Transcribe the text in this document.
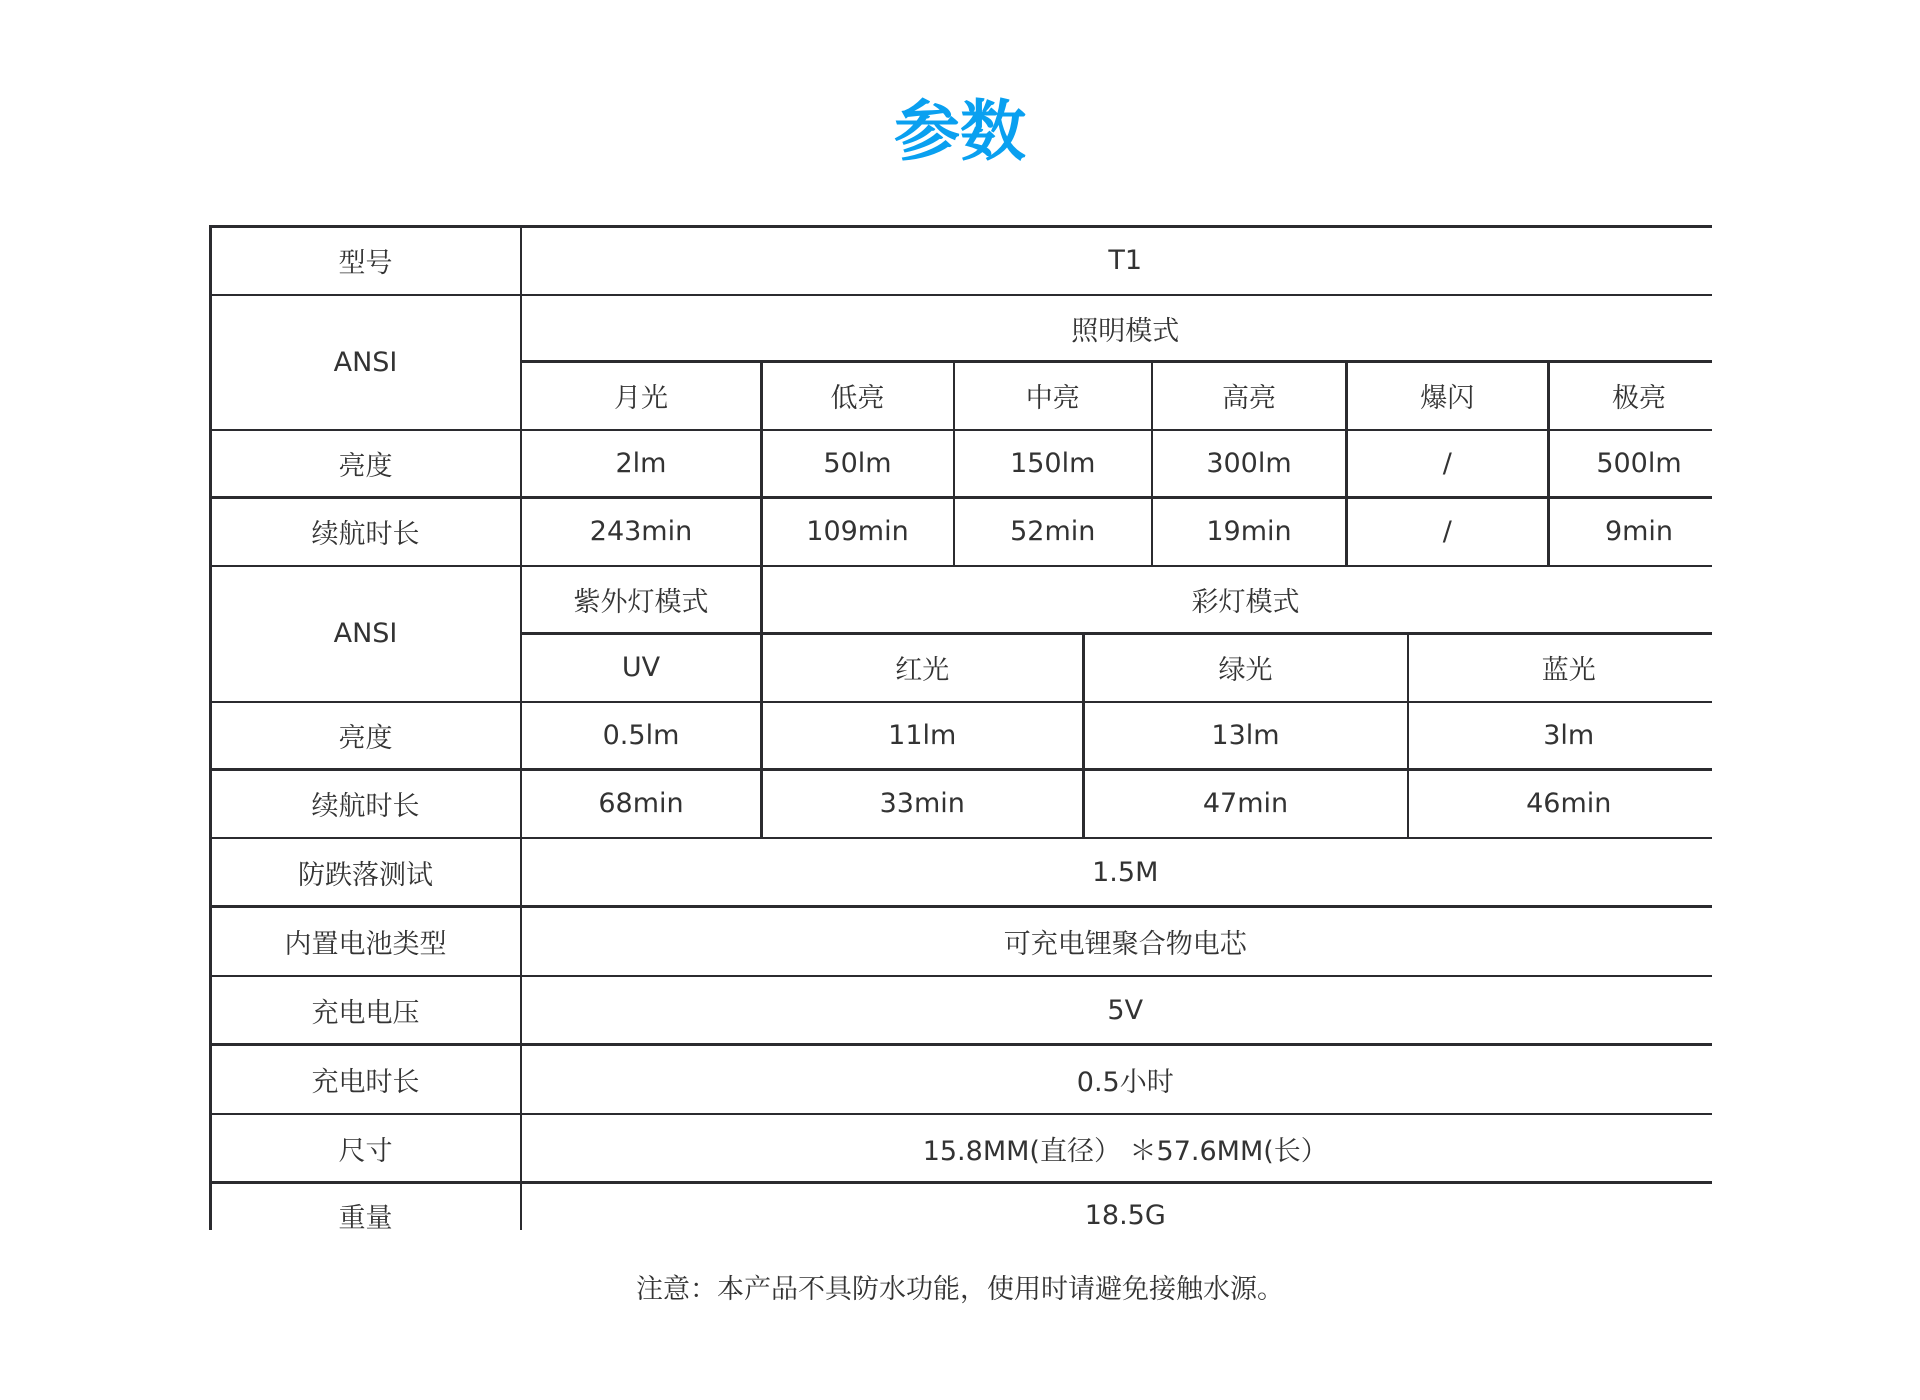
参数
型号	T1
ANSI
照明模式
月光	低亮	中亮	高亮	爆闪	极亮
亮度	2lm	50lm	150lm	300lm	/	500lm
续航时长	243min	109min	52min	19min	/	9min
ANSI
紫外灯模式	彩灯模式
UV	红光	绿光	蓝光
亮度	0.5lm	11lm	13lm	3lm
续航时长	68min	33min	47min	46min
防跌落测试	1.5M
内置电池类型	可充电锂聚合物电芯
充电电压	5V
充电时长	0.5小时
尺寸	15.8MM(直径） ＊57.6MM(长）
重量	18.5G
注意：本产品不具防水功能，使用时请避免接触水源。
